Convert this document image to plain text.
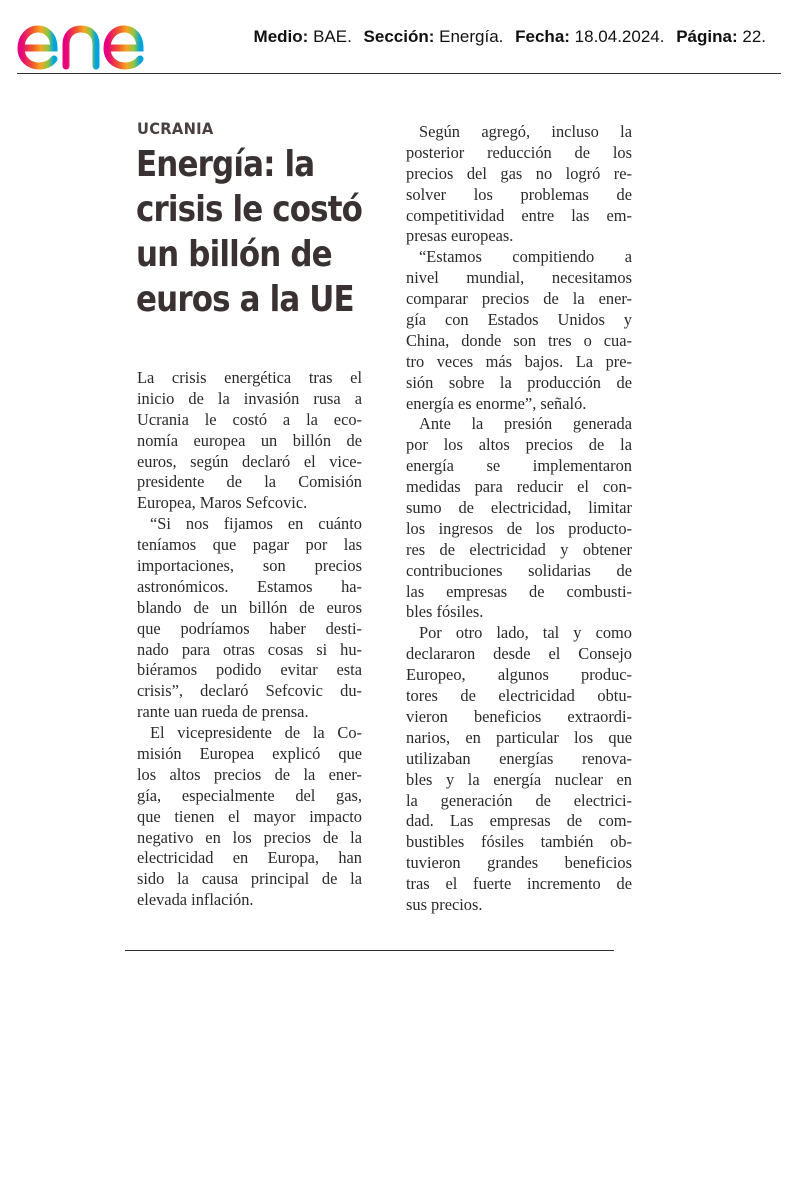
Medio: BAE. Sección: Energía. Fecha: 18.04.2024. Página: 22.
UCRANIA
Energía: la
crisis le costó
un billón de
euros a la UE
La crisis energética tras el
inicio de la invasión rusa a
Ucrania le costó a la eco-
nomía europea un billón de
euros, según declaró el vice-
presidente de la Comisión
Europea, Maros Sefcovic.
“Si nos fijamos en cuánto
teníamos que pagar por las
importaciones, son precios
astronómicos. Estamos ha-
blando de un billón de euros
que podríamos haber desti-
nado para otras cosas si hu-
biéramos podido evitar esta
crisis”, declaró Sefcovic du-
rante uan rueda de prensa.
El vicepresidente de la Co-
misión Europea explicó que
los altos precios de la ener-
gía, especialmente del gas,
que tienen el mayor impacto
negativo en los precios de la
electricidad en Europa, han
sido la causa principal de la
elevada inflación.
Según agregó, incluso la
posterior reducción de los
precios del gas no logró re-
solver los problemas de
competitividad entre las em-
presas europeas.
“Estamos compitiendo a
nivel mundial, necesitamos
comparar precios de la ener-
gía con Estados Unidos y
China, donde son tres o cua-
tro veces más bajos. La pre-
sión sobre la producción de
energía es enorme”, señaló.
Ante la presión generada
por los altos precios de la
energía se implementaron
medidas para reducir el con-
sumo de electricidad, limitar
los ingresos de los productо-
res de electricidad y obtener
contribuciones solidarias de
las empresas de combusti-
bles fósiles.
Por otro lado, tal y como
declararon desde el Consejo
Europeo, algunos produc-
tores de electricidad obtu-
vieron beneficios extraordi-
narios, en particular los que
utilizaban energías renova-
bles y la energía nuclear en
la generación de electrici-
dad. Las empresas de com-
bustibles fósiles también ob-
tuvieron grandes beneficios
tras el fuerte incremento de
sus precios.
